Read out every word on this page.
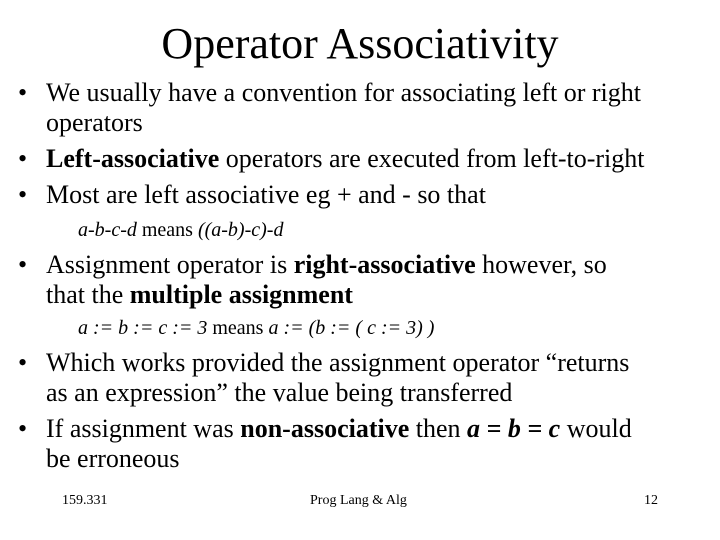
Operator Associativity
• We usually have a convention for associating left or right
operators
• Left-associative operators are executed from left-to-right
• Most are left associative eg + and - so that
a-b-c-d means ((a-b)-c)-d
• Assignment operator is right-associative however, so
that the multiple assignment
a := b := c := 3 means a := (b := ( c := 3) )
• Which works provided the assignment operator “returns
as an expression” the value being transferred
• If assignment was non-associative then a = b = c would
be erroneous
159.331	Prog Lang & Alg	12
